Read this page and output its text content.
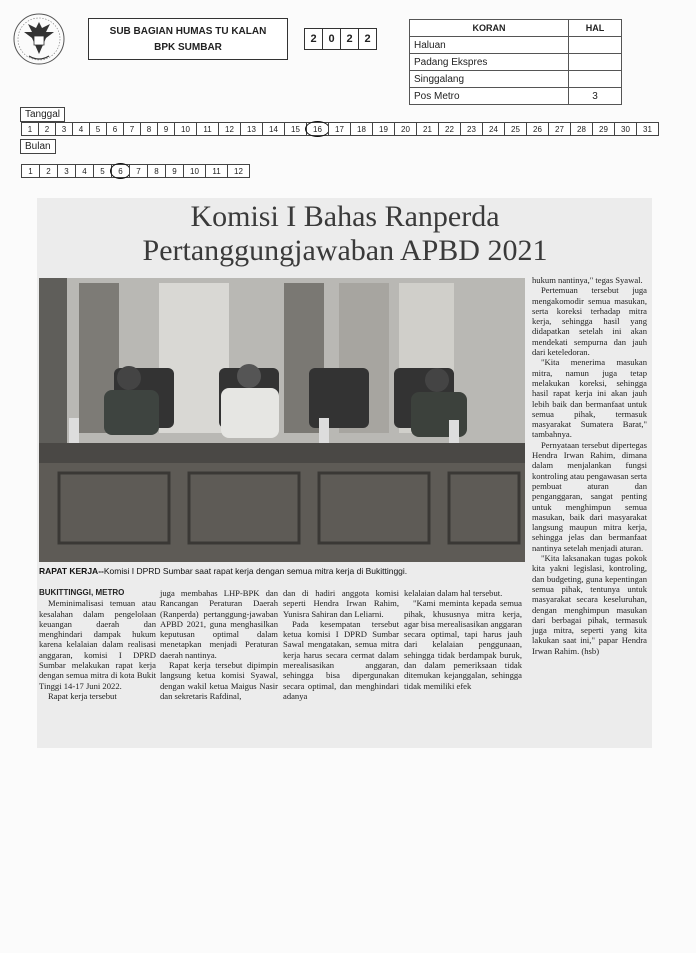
SUB BAGIAN HUMAS TU KALAN
BPK SUMBAR
2	0	2	2
KORAN	HAL
Haluan	
Padang Ekspres	
Singgalang	
Pos Metro	3
Tanggal
1	2	3	4	5	6	7	8	9	10	11	12	13	14	15	16	17	18	19	20	21	22	23	24	25	26	27	28	29	30	31
Bulan
1	2	3	4	5	6	7	8	9	10	11	12
Komisi I Bahas Ranperda
Pertanggungjawaban APBD 2021
RAPAT KERJA--Komisi I DPRD Sumbar saat rapat kerja dengan semua mitra kerja di Bukittinggi.
BUKITTINGGI, METRO

Meminimalisasi temuan atau kesalahan dalam pengelolaan keuangan daerah dan menghindari dampak hukum karena kelalaian dalam realisasi anggaran, komisi I DPRD Sumbar melakukan rapat kerja dengan semua mitra di kota Bukit Tinggi 14-17 Juni 2022.

Rapat kerja tersebut

juga membahas LHP-BPK dan Rancangan Peraturan Daerah (Ranperda) pertanggung-jawaban APBD 2021, guna menghasilkan keputusan optimal dalam menetapkan menjadi Peraturan daerah nantinya.

Rapat kerja tersebut dipimpin langsung ketua komisi Syawal, dengan wakil ketua Maigus Nasir dan sekretaris Rafdinal,

dan di hadiri anggota komisi seperti Hendra Irwan Rahim, Yunisra Sahiran dan Leliarni.

Pada kesempatan tersebut ketua komisi I DPRD Sumbar Sawal mengatakan, semua mitra kerja harus secara cermat dalam merealisasikan anggaran, sehingga bisa dipergunakan secara optimal, dan menghindari adanya

kelalaian dalam hal tersebut.

"Kami meminta kepada semua pihak, khususnya mitra kerja, agar bisa merealisasikan anggaran secara optimal, tapi harus jauh dari kelalaian penggunaan, sehingga tidak berdampak buruk, dan dalam pemeriksaan tidak ditemukan kejanggalan, sehingga tidak memiliki efek

hukum nantinya," tegas Syawal.

Pertemuan tersebut juga mengakomodir semua masukan, serta koreksi terhadap mitra kerja, sehingga hasil yang didapatkan setelah ini akan mendekati sempurna dan jauh dari keteledoran.

"Kita menerima masukan mitra, namun juga tetap melakukan koreksi, sehingga hasil rapat kerja ini akan jauh lebih baik dan bermanfaat untuk semua pihak, termasuk masyarakat Sumatera Barat," tambahnya.

Pernyataan tersebut dipertegas Hendra Irwan Rahim, dimana dalam menjalankan fungsi kontroling atau pengawasan serta pembuat aturan dan penganggaran, sangat penting untuk menghimpun semua masukan, baik dari masyarakat langsung maupun mitra kerja, sehingga jelas dan bermanfaat nantinya setelah menjadi aturan.

"Kita laksanakan tugas pokok kita yakni legislasi, kontroling, dan budgeting, guna kepentingan semua pihak, tentunya untuk masyarakat secara keseluruhan, dengan menghimpun masukan dari berbagai pihak, termasuk juga mitra, seperti yang kita lakukan saat ini," papar Hendra Irwan Rahim. (hsb)
